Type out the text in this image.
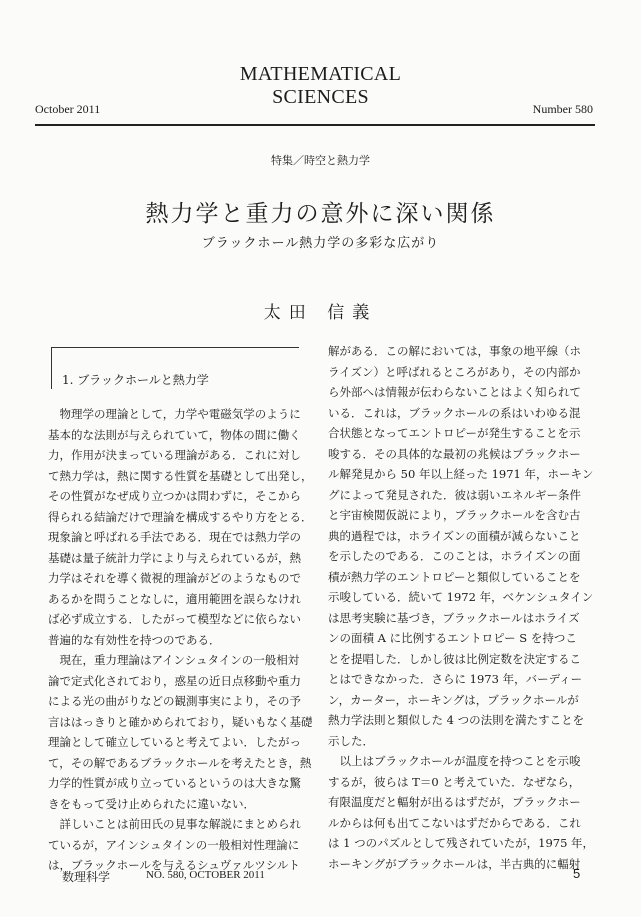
MATHEMATICAL
SCIENCES
October 2011	Number 580
特集／時空と熱力学
熱力学と重力の意外に深い関係
ブラックホール熱力学の多彩な広がり
太田 信義
1. ブラックホールと熱力学
　物理学の理論として，力学や電磁気学のように
基本的な法則が与えられていて，物体の間に働く
力，作用が決まっている理論がある．これに対し
て熱力学は，熱に関する性質を基礎として出発し，
その性質がなぜ成り立つかは問わずに，そこから
得られる結論だけで理論を構成するやり方をとる．
現象論と呼ばれる手法である．現在では熱力学の
基礎は量子統計力学により与えられているが，熱
力学はそれを導く微視的理論がどのようなもので
あるかを問うことなしに，適用範囲を誤らなけれ
ば必ず成立する．したがって模型などに依らない
普遍的な有効性を持つのである．
　現在，重力理論はアインシュタインの一般相対
論で定式化されており，惑星の近日点移動や重力
による光の曲がりなどの観測事実により，その予
言ははっきりと確かめられており，疑いもなく基礎
理論として確立していると考えてよい．したがっ
て，その解であるブラックホールを考えたとき，熱
力学的性質が成り立っているというのは大きな驚
きをもって受け止められたに違いない．
　詳しいことは前田氏の見事な解説にまとめられ
ているが，アインシュタインの一般相対性理論に
は，ブラックホールを与えるシュヴァルツシルト
解がある．この解においては，事象の地平線（ホ
ライズン）と呼ばれるところがあり，その内部か
ら外部へは情報が伝わらないことはよく知られて
いる．これは，ブラックホールの系はいわゆる混
合状態となってエントロピーが発生することを示
唆する．その具体的な最初の兆候はブラックホー
ル解発見から 50 年以上経った 1971 年，ホーキン
グによって発見された．彼は弱いエネルギー条件
と宇宙検閲仮説により，ブラックホールを含む古
典的過程では，ホライズンの面積が減らないこと
を示したのである．このことは，ホライズンの面
積が熱力学のエントロピーと類似していることを
示唆している．続いて 1972 年，ベケンシュタイン
は思考実験に基づき，ブラックホールはホライズ
ンの面積 A に比例するエントロピー S を持つこ
とを提唱した．しかし彼は比例定数を決定するこ
とはできなかった．さらに 1973 年，バーディー
ン，カーター，ホーキングは，ブラックホールが
熱力学法則と類似した 4 つの法則を満たすことを
示した．
　以上はブラックホールが温度を持つことを示唆
するが，彼らは T＝0 と考えていた．なぜなら，
有限温度だと輻射が出るはずだが，ブラックホー
ルからは何も出てこないはずだからである．これ
は 1 つのパズルとして残されていたが，1975 年，
ホーキングがブラックホールは，半古典的に輻射
数理科学	NO. 580, OCTOBER 2011	5
